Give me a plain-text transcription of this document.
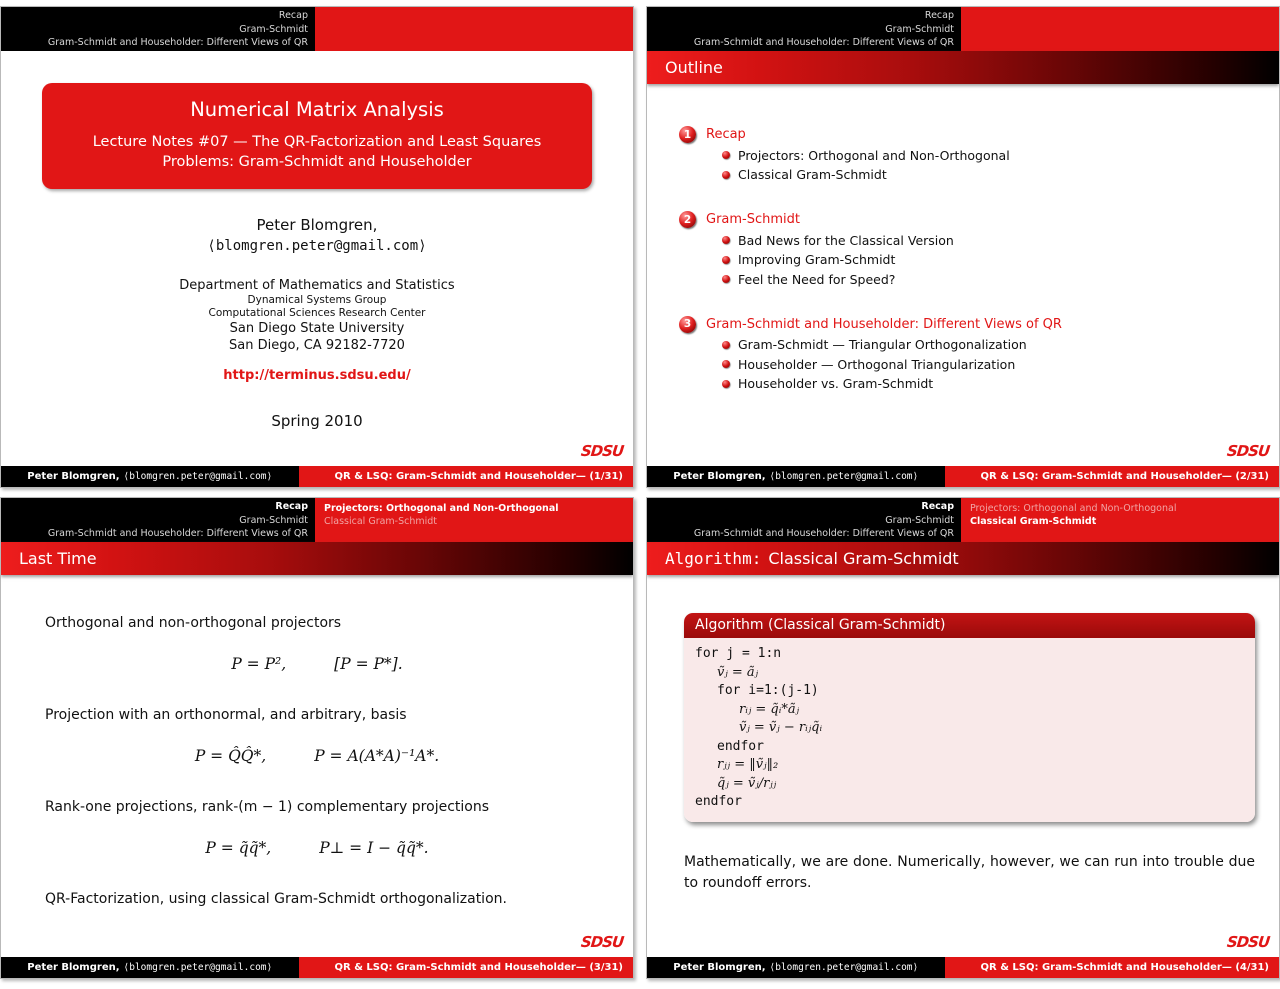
Recap
Gram-Schmidt
Gram-Schmidt and Householder: Different Views of QR
Numerical Matrix Analysis
Lecture Notes #07 — The QR-Factorization and Least Squares
Problems: Gram-Schmidt and Householder
Peter Blomgren,
⟨blomgren.peter@gmail.com⟩
Department of Mathematics and Statistics
Dynamical Systems Group
Computational Sciences Research Center
San Diego State University
San Diego, CA 92182-7720
http://terminus.sdsu.edu/
Spring 2010
SDSU
Peter Blomgren, ⟨blomgren.peter@gmail.com⟩	QR & LSQ: Gram-Schmidt and Householder — (1/31)
Recap
Gram-Schmidt
Gram-Schmidt and Householder: Different Views of QR
Outline
1	Recap
Projectors: Orthogonal and Non-Orthogonal
Classical Gram-Schmidt
2	Gram-Schmidt
Bad News for the Classical Version
Improving Gram-Schmidt
Feel the Need for Speed?
3	Gram-Schmidt and Householder: Different Views of QR
Gram-Schmidt — Triangular Orthogonalization
Householder — Orthogonal Triangularization
Householder vs. Gram-Schmidt
SDSU
Peter Blomgren, ⟨blomgren.peter@gmail.com⟩	QR & LSQ: Gram-Schmidt and Householder — (2/31)
Recap
Gram-Schmidt
Gram-Schmidt and Householder: Different Views of QR
Projectors: Orthogonal and Non-Orthogonal
Classical Gram-Schmidt
Last Time
Orthogonal and non-orthogonal projectors
P = P²,	[P = P*].
Projection with an orthonormal, and arbitrary, basis
P = Q̂Q̂*,	P = A(A*A)⁻¹A*.
Rank-one projections, rank-(m − 1) complementary projections
P = q̃q̃*,	P⊥ = I − q̃q̃*.
QR-Factorization, using classical Gram-Schmidt orthogonalization.
SDSU
Peter Blomgren, ⟨blomgren.peter@gmail.com⟩	QR & LSQ: Gram-Schmidt and Householder — (3/31)
Recap
Gram-Schmidt
Gram-Schmidt and Householder: Different Views of QR
Projectors: Orthogonal and Non-Orthogonal
Classical Gram-Schmidt
Algorithm: Classical Gram-Schmidt
Algorithm (Classical Gram-Schmidt)
for j = 1:n
ṽⱼ = ãⱼ
for i=1:(j-1)
rᵢⱼ = q̃ᵢ*ãⱼ
ṽⱼ = ṽⱼ − rᵢⱼq̃ᵢ
endfor
rⱼⱼ = ‖ṽⱼ‖₂
q̃ⱼ = ṽⱼ/rⱼⱼ
endfor
Mathematically, we are done. Numerically, however, we can run into trouble due to roundoff errors.
SDSU
Peter Blomgren, ⟨blomgren.peter@gmail.com⟩	QR & LSQ: Gram-Schmidt and Householder — (4/31)
